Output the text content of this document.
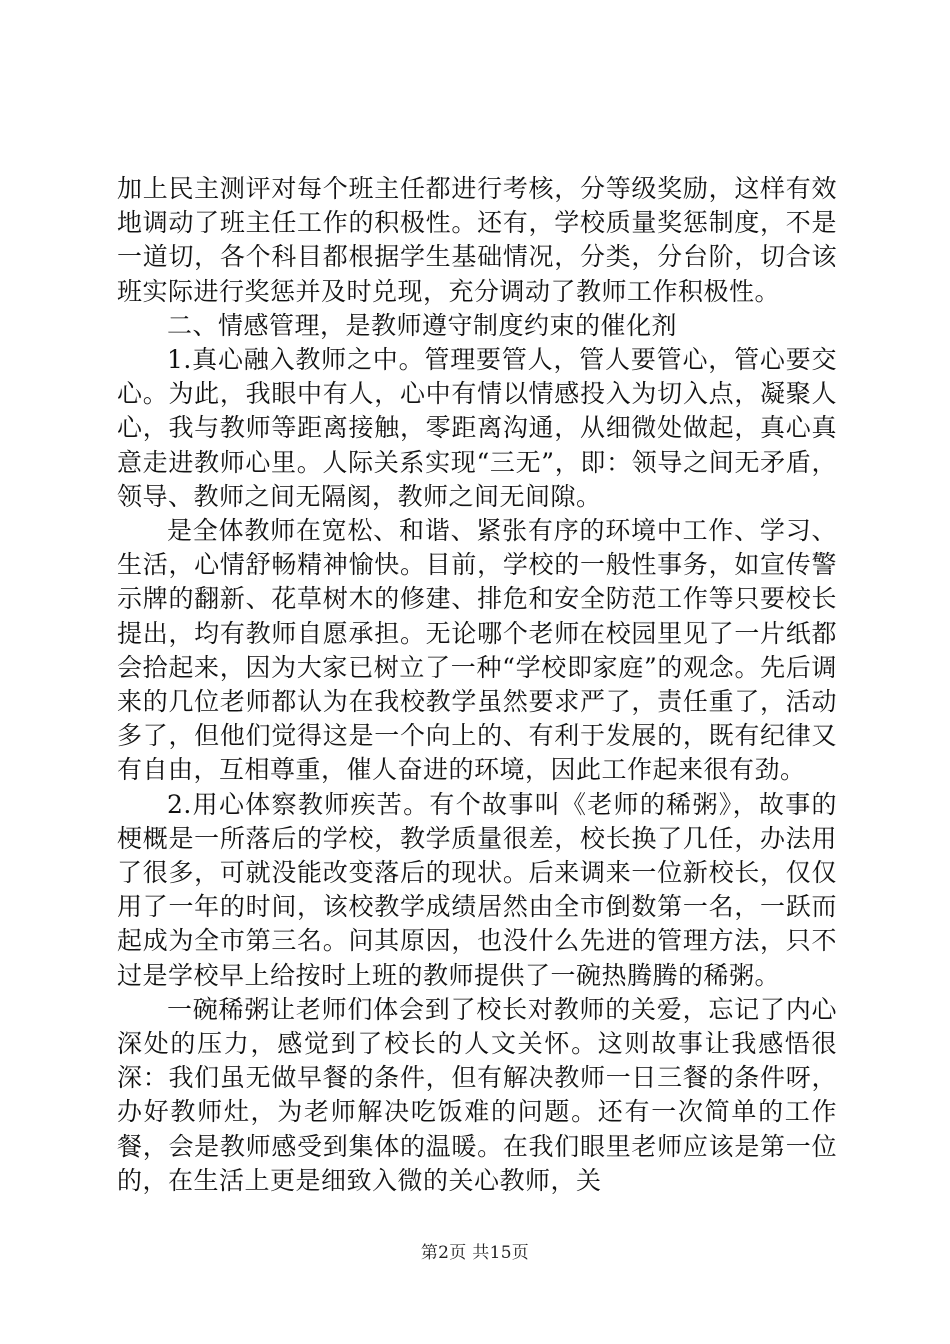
加上民主测评对每个班主任都进行考核，分等级奖励，这样有效地调动了班主任工作的积极性。还有，学校质量奖惩制度，不是一道切，各个科目都根据学生基础情况，分类，分台阶，切合该班实际进行奖惩并及时兑现，充分调动了教师工作积极性。

二、情感管理，是教师遵守制度约束的催化剂

1.真心融入教师之中。管理要管人，管人要管心，管心要交心。为此，我眼中有人，心中有情以情感投入为切入点，凝聚人心，我与教师等距离接触，零距离沟通，从细微处做起，真心真意走进教师心里。人际关系实现“三无”，即：领导之间无矛盾，领导、教师之间无隔阂，教师之间无间隙。

是全体教师在宽松、和谐、紧张有序的环境中工作、学习、生活，心情舒畅精神愉快。目前，学校的一般性事务，如宣传警示牌的翻新、花草树木的修建、排危和安全防范工作等只要校长提出，均有教师自愿承担。无论哪个老师在校园里见了一片纸都会拾起来，因为大家已树立了一种“学校即家庭”的观念。先后调来的几位老师都认为在我校教学虽然要求严了，责任重了，活动多了，但他们觉得这是一个向上的、有利于发展的，既有纪律又有自由，互相尊重，催人奋进的环境，因此工作起来很有劲。

2.用心体察教师疾苦。有个故事叫《老师的稀粥》，故事的梗概是一所落后的学校，教学质量很差，校长换了几任，办法用了很多，可就没能改变落后的现状。后来调来一位新校长，仅仅用了一年的时间，该校教学成绩居然由全市倒数第一名，一跃而起成为全市第三名。问其原因，也没什么先进的管理方法，只不过是学校早上给按时上班的教师提供了一碗热腾腾的稀粥。

一碗稀粥让老师们体会到了校长对教师的关爱，忘记了内心深处的压力，感觉到了校长的人文关怀。这则故事让我感悟很深：我们虽无做早餐的条件，但有解决教师一日三餐的条件呀，办好教师灶，为老师解决吃饭难的问题。还有一次简单的工作餐，会是教师感受到集体的温暖。在我们眼里老师应该是第一位的，在生活上更是细致入微的关心教师，关

第2页 共15页
